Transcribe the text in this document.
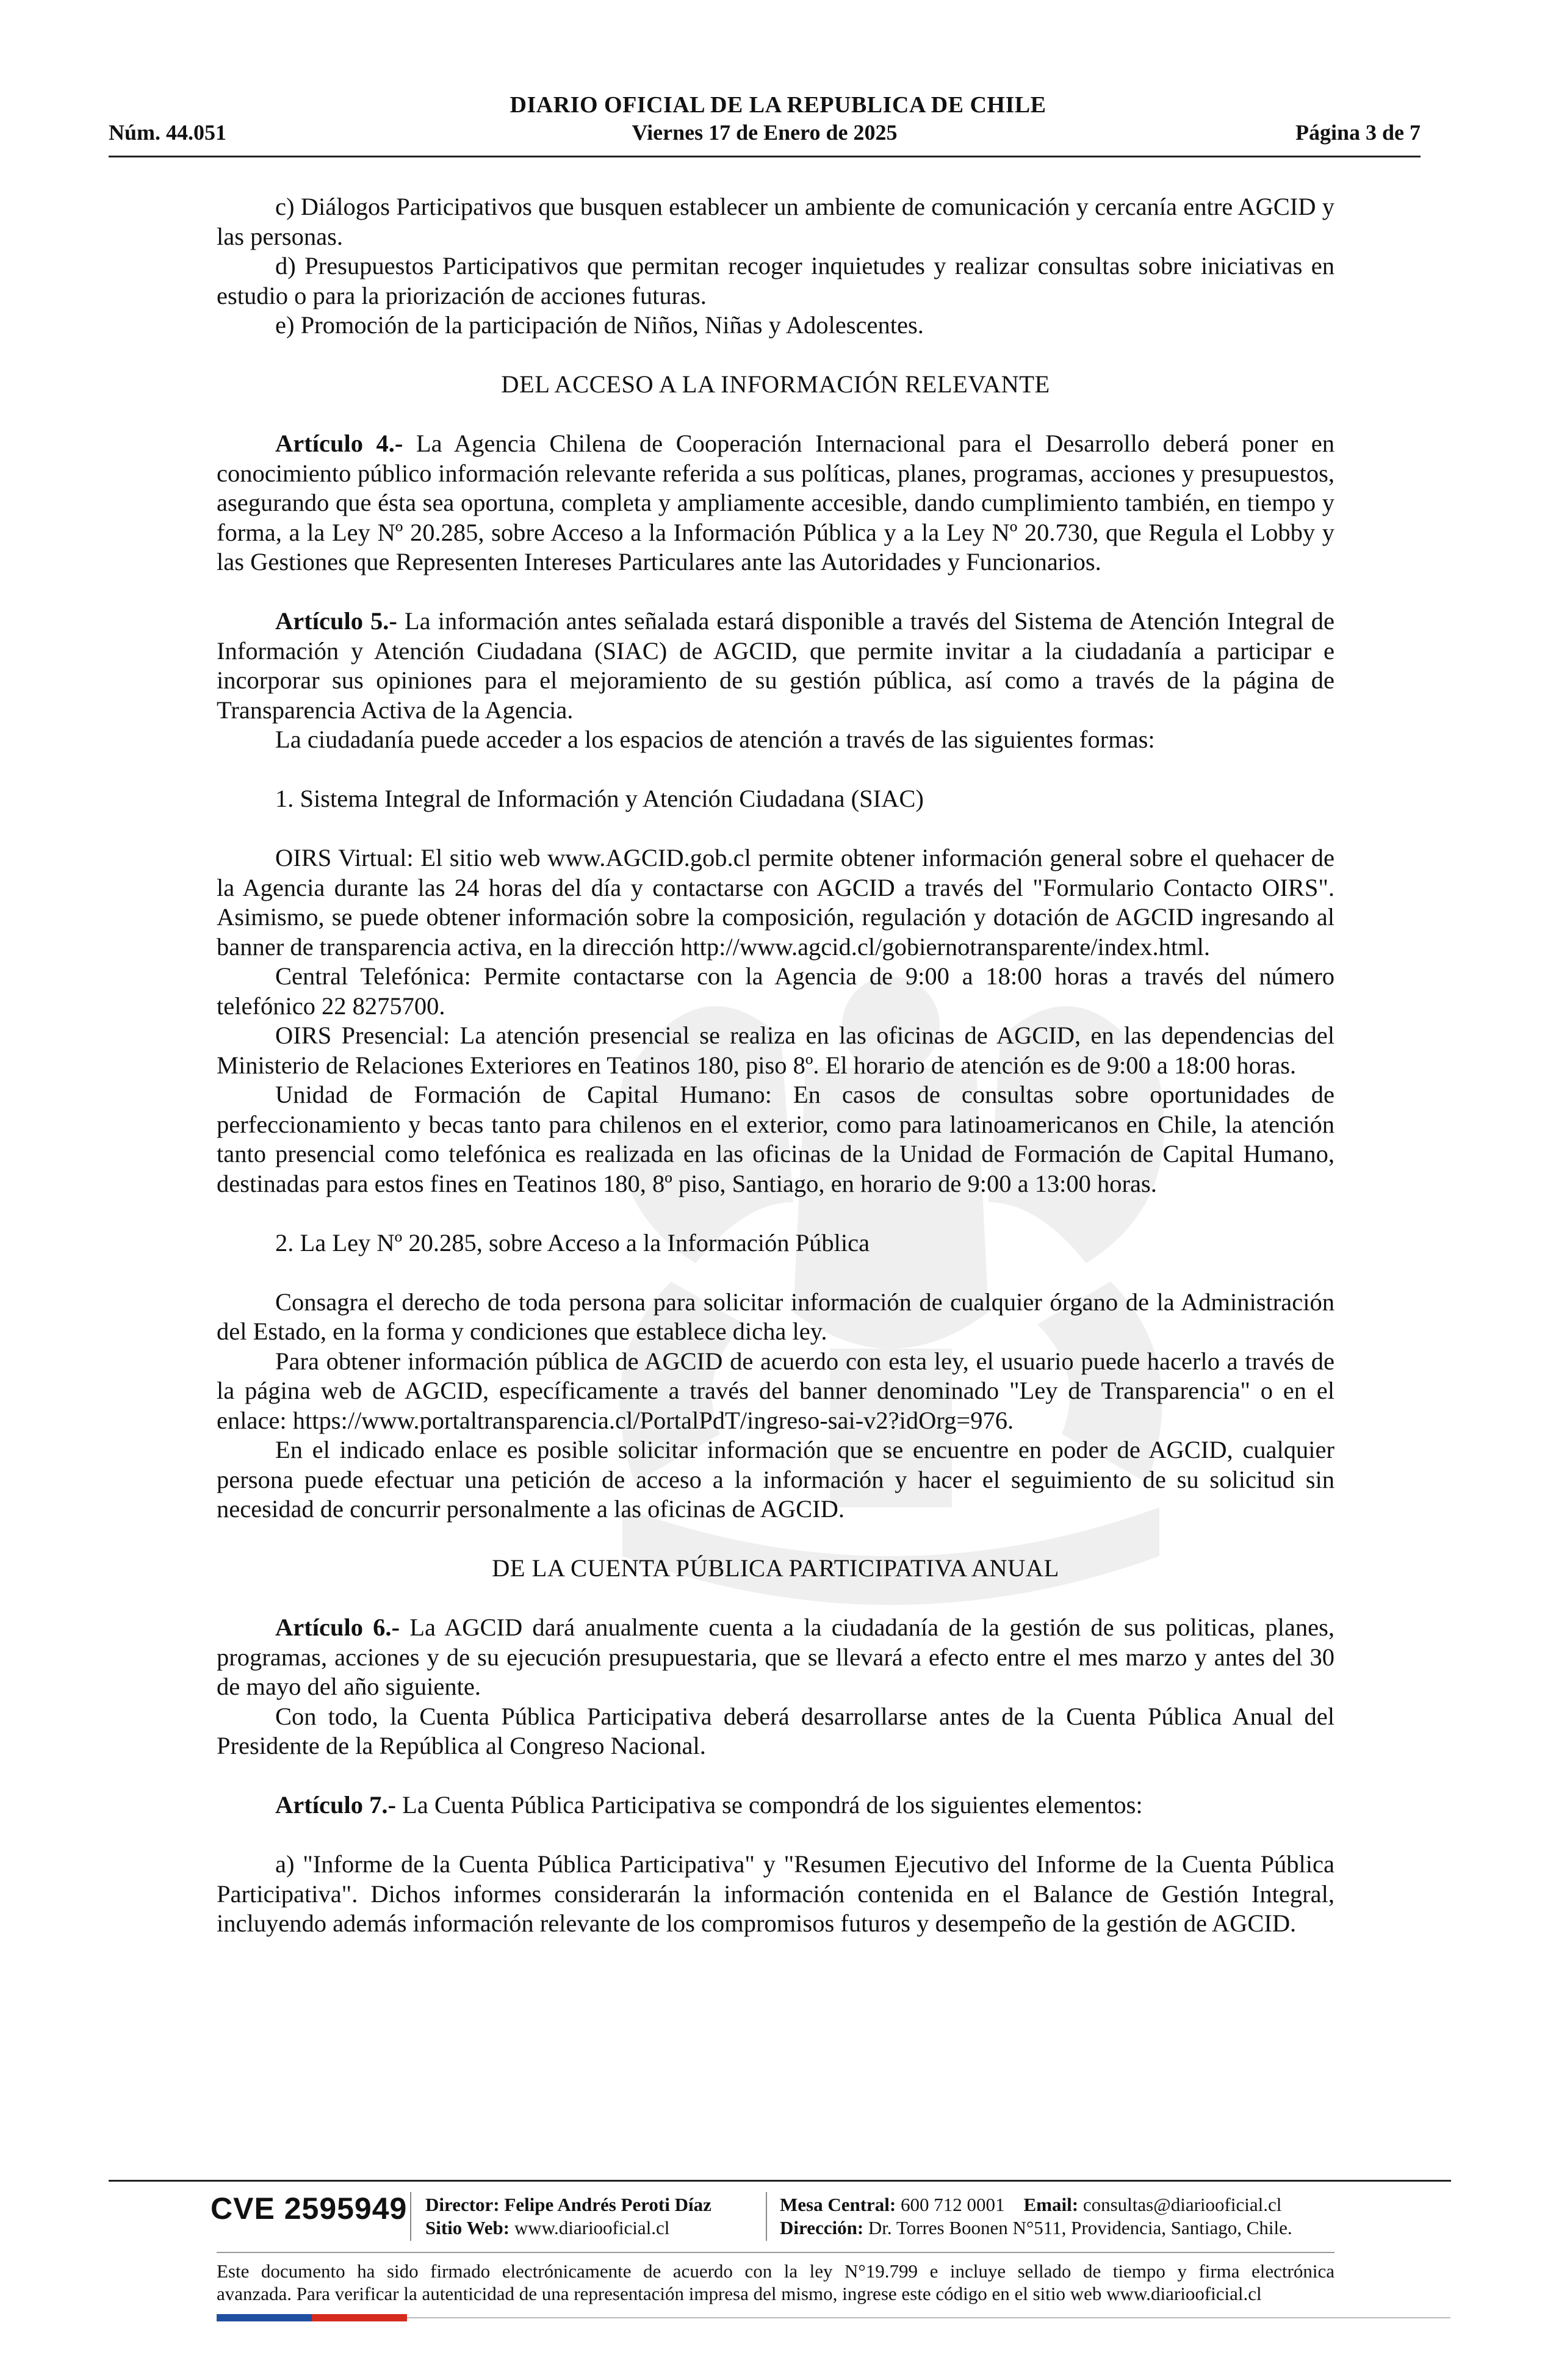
DIARIO OFICIAL DE LA REPUBLICA DE CHILE
Núm. 44.051	Viernes 17 de Enero de 2025	Página 3 de 7

c) Diálogos Participativos que busquen establecer un ambiente de comunicación y cercanía entre AGCID y las personas.

d) Presupuestos Participativos que permitan recoger inquietudes y realizar consultas sobre iniciativas en estudio o para la priorización de acciones futuras.

e) Promoción de la participación de Niños, Niñas y Adolescentes.

DEL ACCESO A LA INFORMACIÓN RELEVANTE

Artículo 4.- La Agencia Chilena de Cooperación Internacional para el Desarrollo deberá poner en conocimiento público información relevante referida a sus políticas, planes, programas, acciones y presupuestos, asegurando que ésta sea oportuna, completa y ampliamente accesible, dando cumplimiento también, en tiempo y forma, a la Ley Nº 20.285, sobre Acceso a la Información Pública y a la Ley Nº 20.730, que Regula el Lobby y las Gestiones que Representen Intereses Particulares ante las Autoridades y Funcionarios.

Artículo 5.- La información antes señalada estará disponible a través del Sistema de Atención Integral de Información y Atención Ciudadana (SIAC) de AGCID, que permite invitar a la ciudadanía a participar e incorporar sus opiniones para el mejoramiento de su gestión pública, así como a través de la página de Transparencia Activa de la Agencia.

La ciudadanía puede acceder a los espacios de atención a través de las siguientes formas:

1. Sistema Integral de Información y Atención Ciudadana (SIAC)

OIRS Virtual: El sitio web www.AGCID.gob.cl permite obtener información general sobre el quehacer de la Agencia durante las 24 horas del día y contactarse con AGCID a través del "Formulario Contacto OIRS". Asimismo, se puede obtener información sobre la composición, regulación y dotación de AGCID ingresando al banner de transparencia activa, en la dirección http://www.agcid.cl/gobiernotransparente/index.html.

Central Telefónica: Permite contactarse con la Agencia de 9:00 a 18:00 horas a través del número telefónico 22 8275700.

OIRS Presencial: La atención presencial se realiza en las oficinas de AGCID, en las dependencias del Ministerio de Relaciones Exteriores en Teatinos 180, piso 8º. El horario de atención es de 9:00 a 18:00 horas.

Unidad de Formación de Capital Humano: En casos de consultas sobre oportunidades de perfeccionamiento y becas tanto para chilenos en el exterior, como para latinoamericanos en Chile, la atención tanto presencial como telefónica es realizada en las oficinas de la Unidad de Formación de Capital Humano, destinadas para estos fines en Teatinos 180, 8º piso, Santiago, en horario de 9:00 a 13:00 horas.

2. La Ley Nº 20.285, sobre Acceso a la Información Pública

Consagra el derecho de toda persona para solicitar información de cualquier órgano de la Administración del Estado, en la forma y condiciones que establece dicha ley.

Para obtener información pública de AGCID de acuerdo con esta ley, el usuario puede hacerlo a través de la página web de AGCID, específicamente a través del banner denominado "Ley de Transparencia" o en el enlace: https://www.portaltransparencia.cl/PortalPdT/ingreso-sai-v2?idOrg=976.

En el indicado enlace es posible solicitar información que se encuentre en poder de AGCID, cualquier persona puede efectuar una petición de acceso a la información y hacer el seguimiento de su solicitud sin necesidad de concurrir personalmente a las oficinas de AGCID.

DE LA CUENTA PÚBLICA PARTICIPATIVA ANUAL

Artículo 6.- La AGCID dará anualmente cuenta a la ciudadanía de la gestión de sus politicas, planes, programas, acciones y de su ejecución presupuestaria, que se llevará a efecto entre el mes marzo y antes del 30 de mayo del año siguiente.

Con todo, la Cuenta Pública Participativa deberá desarrollarse antes de la Cuenta Pública Anual del Presidente de la República al Congreso Nacional.

Artículo 7.- La Cuenta Pública Participativa se compondrá de los siguientes elementos:

a) "Informe de la Cuenta Pública Participativa" y "Resumen Ejecutivo del Informe de la Cuenta Pública Participativa". Dichos informes considerarán la información contenida en el Balance de Gestión Integral, incluyendo además información relevante de los compromisos futuros y desempeño de la gestión de AGCID.

CVE 2595949 Director: Felipe Andrés Peroti Díaz
Sitio Web: www.diariooficial.cl
Mesa Central: 600 712 0001 Email: consultas@diariooficial.cl
Dirección: Dr. Torres Boonen N°511, Providencia, Santiago, Chile.
Este documento ha sido firmado electrónicamente de acuerdo con la ley N°19.799 e incluye sellado de tiempo y firma electrónica
avanzada. Para verificar la autenticidad de una representación impresa del mismo, ingrese este código en el sitio web www.diariooficial.cl
